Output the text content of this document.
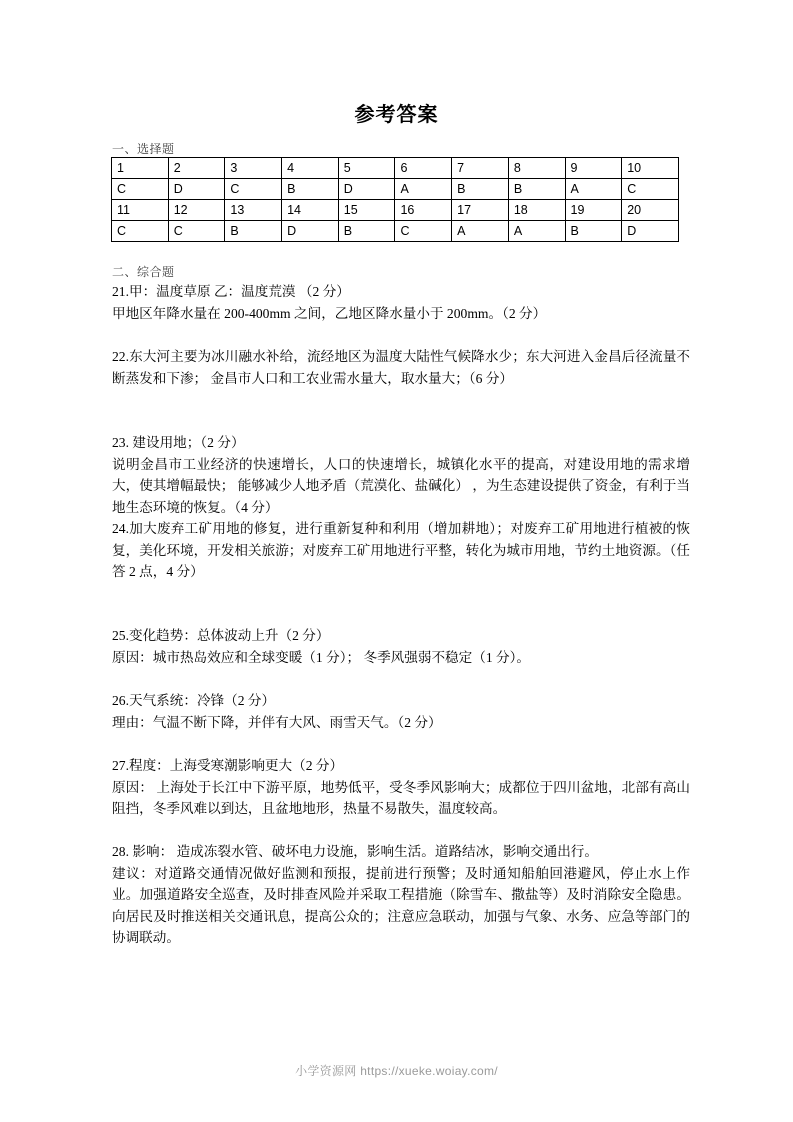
参考答案
一、选择题
1	2	3	4	5	6	7	8	9	10
C	D	C	B	D	A	B	B	A	C
11	12	13	14	15	16	17	18	19	20
C	C	B	D	B	C	A	A	B	D
二、综合题

21.甲：温度草原 乙：温度荒漠 （2 分）

甲地区年降水量在 200-400mm 之间，乙地区降水量小于 200mm。（2 分）

22.东大河主要为冰川融水补给，流经地区为温度大陆性气候降水少；东大河进入金昌后径流量不断蒸发和下渗； 金昌市人口和工农业需水量大，取水量大；（6 分）

23. 建设用地；（2 分）

说明金昌市工业经济的快速增长，人口的快速增长，城镇化水平的提高，对建设用地的需求增大，使其增幅最快； 能够减少人地矛盾（荒漠化、盐碱化） ，为生态建设提供了资金，有利于当地生态环境的恢复。（4 分）

24.加大废弃工矿用地的修复，进行重新复种和利用（增加耕地）；对废弃工矿用地进行植被的恢复，美化环境，开发相关旅游；对废弃工矿用地进行平整，转化为城市用地，节约土地资源。（任答 2 点，4 分）

25.变化趋势：总体波动上升（2 分）

原因：城市热岛效应和全球变暖（1 分）； 冬季风强弱不稳定（1 分）。

26.天气系统：冷锋（2 分）

理由：气温不断下降，并伴有大风、雨雪天气。（2 分）

27.程度：上海受寒潮影响更大（2 分）

原因： 上海处于长江中下游平原，地势低平，受冬季风影响大；成都位于四川盆地，北部有高山阻挡，冬季风难以到达，且盆地地形，热量不易散失，温度较高。

28. 影响： 造成冻裂水管、破坏电力设施，影响生活。道路结冰，影响交通出行。

建议：对道路交通情况做好监测和预报，提前进行预警；及时通知船舶回港避风，停止水上作业。加强道路安全巡查，及时排查风险并采取工程措施（除雪车、撒盐等）及时消除安全隐患。向居民及时推送相关交通讯息，提高公众的；注意应急联动，加强与气象、水务、应急等部门的协调联动。

小学资源网 https://xueke.woiay.com/
